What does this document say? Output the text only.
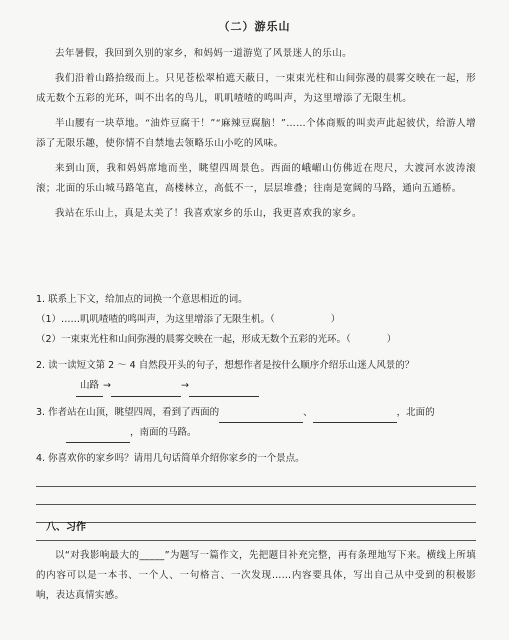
（二）游乐山

去年暑假，我回到久别的家乡，和妈妈一道游览了风景迷人的乐山。

我们沿着山路拾级而上。只见苍松翠柏遮天蔽日，一束束光柱和山间弥漫的晨雾交映在一起，形成无数个五彩的光环，叫不出名的鸟儿，叽叽喳喳的鸣叫声，为这里增添了无限生机。

半山腰有一块草地。“油炸豆腐干！”“麻辣豆腐脑！”……个体商贩的叫卖声此起彼伏，给游人增添了无限乐趣，使你情不自禁地去领略乐山小吃的风味。

来到山顶，我和妈妈席地而坐，眺望四周景色。西面的峨嵋山仿佛近在咫尺，大渡河水波涛滚滚；北面的乐山城马路笔直，高楼林立，高低不一，层层堆叠；往南是宽阔的马路，通向五通桥。

我站在乐山上，真是太美了！我喜欢家乡的乐山，我更喜欢我的家乡。

1. 联系上下文，给加点的词换一个意思相近的词。
（1）……叽叽喳喳的鸣叫声，为这里增添了无限生机。（	）
（2）一束束光柱和山间弥漫的晨雾交映在一起，形成无数个五彩的光环。（	）
2. 读一读短文第 2 ～ 4 自然段开头的句子，想想作者是按什么顺序介绍乐山迷人风景的？
山路 →	→
3. 作者站在山顶，眺望四周，看到了西面的	、	，北面的
，南面的马路。
4. 你喜欢你的家乡吗？请用几句话简单介绍你家乡的一个景点。
八、习作

以“对我影响最大的_____”为题写一篇作文，先把题目补充完整，再有条理地写下来。横线上所填的内容可以是一本书、一个人、一句格言、一次发现……内容要具体，写出自己从中受到的积极影响，表达真情实感。
